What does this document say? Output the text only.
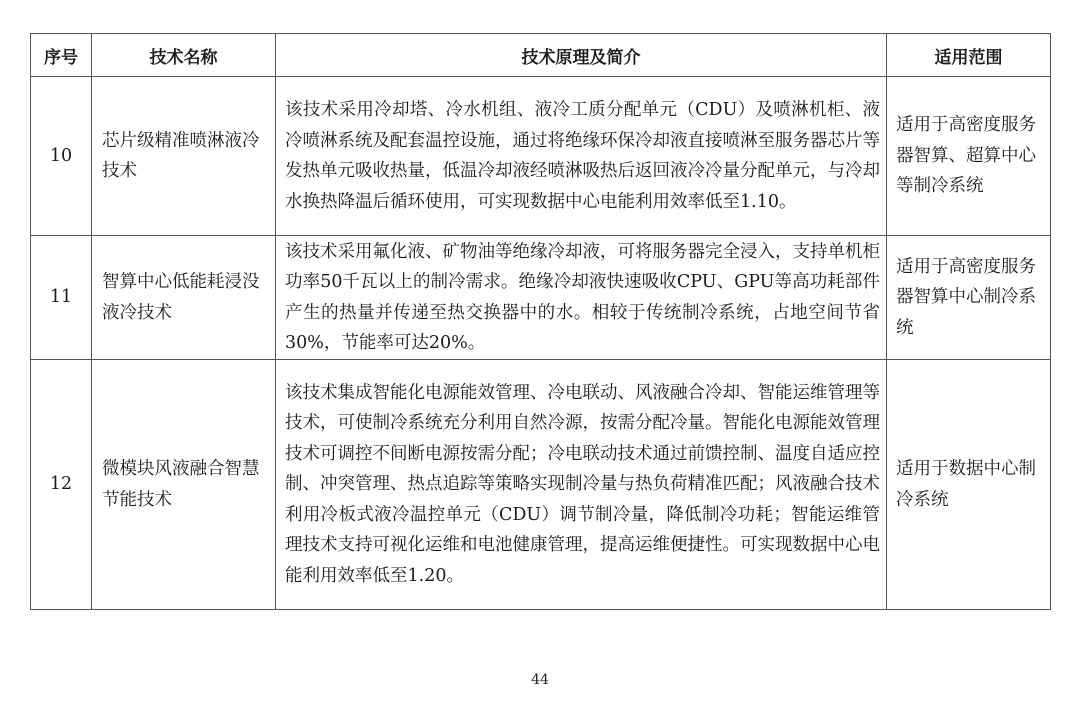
序号	技术名称	技术原理及简介	适用范围
10	芯片级精准喷淋液冷技术	该技术采用冷却塔、冷水机组、液冷工质分配单元（CDU）及喷淋机柜、液冷喷淋系统及配套温控设施，通过将绝缘环保冷却液直接喷淋至服务器芯片等发热单元吸收热量，低温冷却液经喷淋吸热后返回液冷冷量分配单元，与冷却水换热降温后循环使用，可实现数据中心电能利用效率低至1.10。	适用于高密度服务器智算、超算中心等制冷系统
11	智算中心低能耗浸没液冷技术	该技术采用氟化液、矿物油等绝缘冷却液，可将服务器完全浸入，支持单机柜功率50千瓦以上的制冷需求。绝缘冷却液快速吸收CPU、GPU等高功耗部件产生的热量并传递至热交换器中的水。相较于传统制冷系统，占地空间节省30%，节能率可达20%。	适用于高密度服务器智算中心制冷系统
12	微模块风液融合智慧节能技术	该技术集成智能化电源能效管理、冷电联动、风液融合冷却、智能运维管理等技术，可使制冷系统充分利用自然冷源，按需分配冷量。智能化电源能效管理技术可调控不间断电源按需分配；冷电联动技术通过前馈控制、温度自适应控制、冲突管理、热点追踪等策略实现制冷量与热负荷精准匹配；风液融合技术利用冷板式液冷温控单元（CDU）调节制冷量，降低制冷功耗；智能运维管理技术支持可视化运维和电池健康管理，提高运维便捷性。可实现数据中心电能利用效率低至1.20。	适用于数据中心制冷系统
44
